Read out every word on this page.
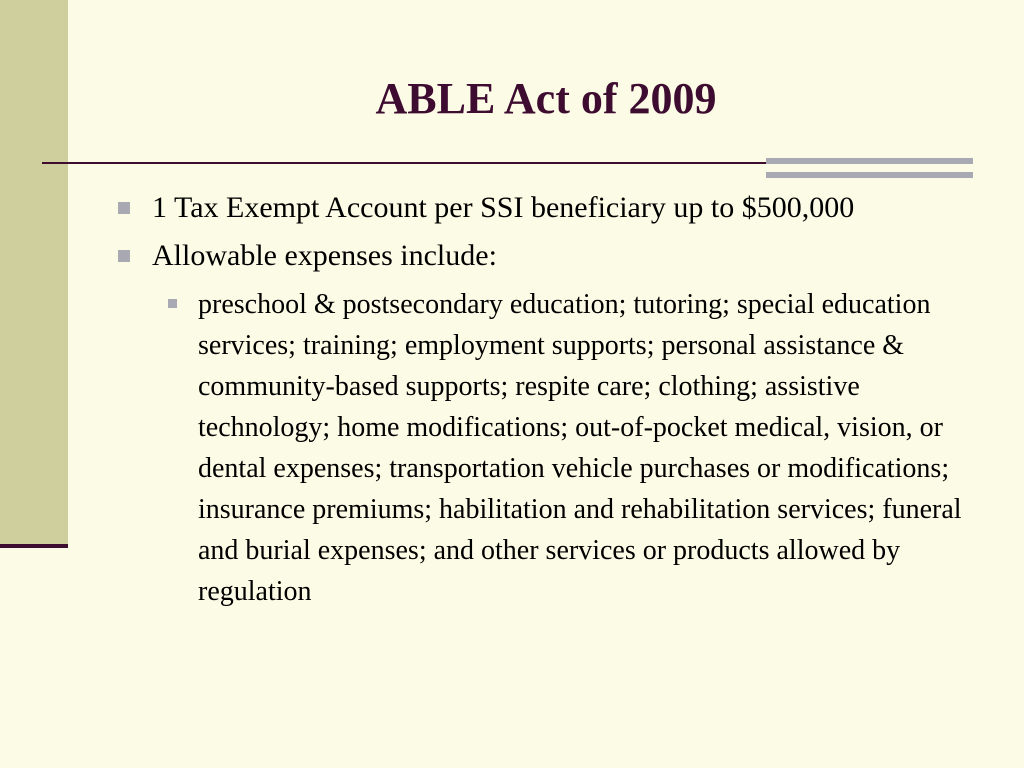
ABLE Act of 2009
1 Tax Exempt Account per SSI beneficiary up to $500,000
Allowable expenses include:
preschool & postsecondary education; tutoring; special education services; training; employment supports; personal assistance & community-based supports; respite care; clothing; assistive technology; home modifications; out-of-pocket medical, vision, or dental expenses; transportation vehicle purchases or modifications; insurance premiums; habilitation and rehabilitation services; funeral and burial expenses; and other services or products allowed by regulation
